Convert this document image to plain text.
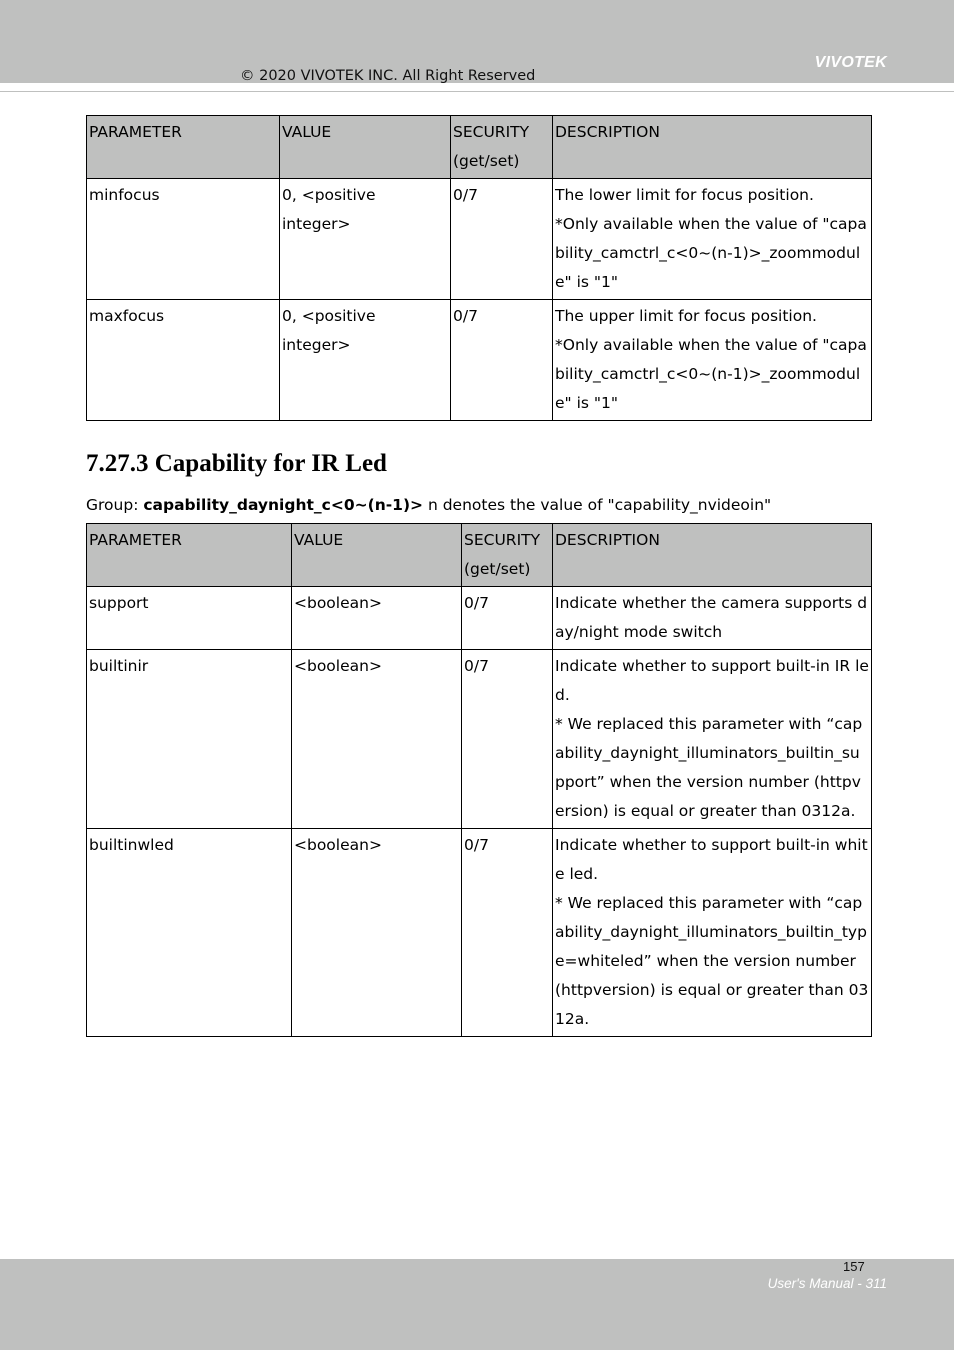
VIVOTEK
© 2020 VIVOTEK INC. All Right Reserved
PARAMETER	VALUE	SECURITY (get/set)	DESCRIPTION
minfocus	0, <positive integer>	0/7	The lower limit for focus position.
*Only available when the value of "capability_camctrl_c<0~(n-1)>_zoommodule" is "1"

maxfocus	0, <positive integer>	0/7	The upper limit for focus position.
*Only available when the value of "capability_camctrl_c<0~(n-1)>_zoommodule" is "1"
7.27.3 Capability for IR Led
Group: capability_daynight_c<0~(n-1)> n denotes the value of "capability_nvideoin"
PARAMETER	VALUE	SECURITY (get/set)	DESCRIPTION
support	<boolean>	0/7	Indicate whether the camera supports day/night mode switch

builtinir	<boolean>	0/7	Indicate whether to support built-in IR led.
* We replaced this parameter with “capability_daynight_illuminators_builtin_support” when the version number (httpversion) is equal or greater than 0312a.

builtinwled	<boolean>	0/7	Indicate whether to support built-in white led.
* We replaced this parameter with “capability_daynight_illuminators_builtin_type=whiteled” when the version number (httpversion) is equal or greater than 0312a.
157
User's Manual - 311
